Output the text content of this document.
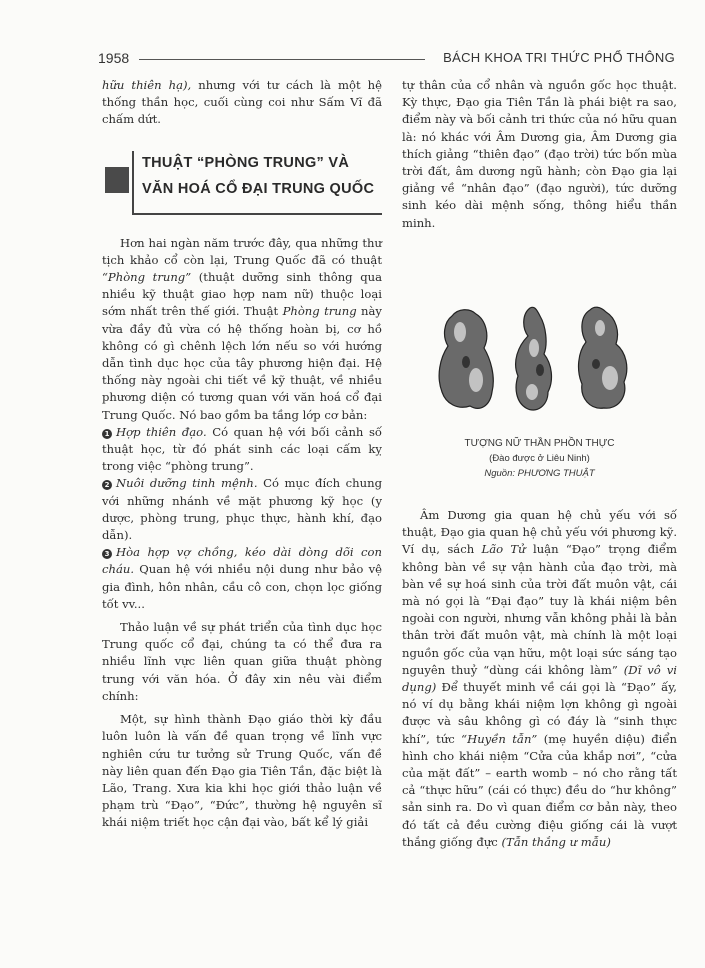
1958	BÁCH KHOA TRI THỨC PHỔ THÔNG

hữu thiên hạ), nhưng với tư cách là một hệ thống thần học, cuối cùng coi như Sấm Vĩ đã chấm dứt.

THUẬT “PHÒNG TRUNG” VÀ
VĂN HOÁ CỔ ĐẠI TRUNG QUỐC

Hơn hai ngàn năm trước đây, qua những thư tịch khảo cổ còn lại, Trung Quốc đã có thuật “Phòng trung” (thuật dưỡng sinh thông qua nhiều kỹ thuật giao hợp nam nữ) thuộc loại sớm nhất trên thế giới. Thuật Phòng trung này vừa đầy đủ vừa có hệ thống hoàn bị, cơ hồ không có gì chênh lệch lớn nếu so với hướng dẫn tình dục học của tây phương hiện đại. Hệ thống này ngoài chi tiết về kỹ thuật, về nhiều phương diện có tương quan với văn hoá cổ đại Trung Quốc. Nó bao gồm ba tầng lớp cơ bản:

1 Hợp thiên đạo. Có quan hệ với bối cảnh số thuật học, từ đó phát sinh các loại cấm kỵ trong việc “phòng trung”.

2 Nuôi dưỡng tinh mệnh. Có mục đích chung với những nhánh về mặt phương kỹ học (y dược, phòng trung, phục thực, hành khí, đạo dẫn).

3 Hòa hợp vợ chồng, kéo dài dòng dõi con cháu. Quan hệ với nhiều nội dung như bảo vệ gia đình, hôn nhân, cầu cô con, chọn lọc giống tốt vv...

Thảo luận về sự phát triển của tình dục học Trung quốc cổ đại, chúng ta có thể đưa ra nhiều lĩnh vực liên quan giữa thuật phòng trung với văn hóa. Ở đây xin nêu vài điểm chính:

Một, sự hình thành Đạo giáo thời kỳ đầu luôn luôn là vấn đề quan trọng về lĩnh vực nghiên cứu tư tưởng sử Trung Quốc, vấn đề này liên quan đến Đạo gia Tiên Tần, đặc biệt là Lão, Trang. Xưa kia khi học giới thảo luận về phạm trù “Đạo”, “Đức”, thường hệ nguyên sĩ khái niệm triết học cận đại vào, bất kể lý giải

tự thân của cổ nhân và nguồn gốc học thuật. Kỳ thực, Đạo gia Tiên Tần là phái biệt ra sao, điểm này và bối cảnh tri thức của nó hữu quan là: nó khác với Âm Dương gia, Âm Dương gia thích giảng “thiên đạo” (đạo trời) tức bốn mùa trời đất, âm dương ngũ hành; còn Đạo gia lại giảng về “nhân đạo” (đạo người), tức dưỡng sinh kéo dài mệnh sống, thông hiểu thần minh.

TƯỢNG NỮ THẦN PHỒN THỰC
(Đào được ở Liêu Ninh)
Nguồn: PHƯƠNG THUẬT

Âm Dương gia quan hệ chủ yếu với số thuật, Đạo gia quan hệ chủ yếu với phương kỹ. Ví dụ, sách Lão Tử luận “Đạo” trọng điểm không bàn về sự vận hành của đạo trời, mà bàn về sự hoá sinh của trời đất muôn vật, cái mà nó gọi là “Đại đạo” tuy là khái niệm bên ngoài con người, nhưng vẫn không phải là bản thân trời đất muôn vật, mà chính là một loại nguồn gốc của vạn hữu, một loại sức sáng tạo nguyên thuỷ “dùng cái không làm” (Dĩ vô vi dụng) Để thuyết minh về cái gọi là “Đạo” ấy, nó ví dụ bằng khái niệm lợn không gì ngoài được và sâu không gì có đáy là “sinh thực khí”, tức “Huyền tẫn” (mẹ huyền diệu) điển hình cho khái niệm “Cửa của khắp nơi”, “cửa của mặt đất” – earth womb – nó cho rằng tất cả “thực hữu” (cái có thực) đều do “hư không” sản sinh ra. Do vì quan điểm cơ bản này, theo đó tất cả đều cường điệu giống cái là vượt thắng giống đực (Tẫn thắng ư mẫu)
